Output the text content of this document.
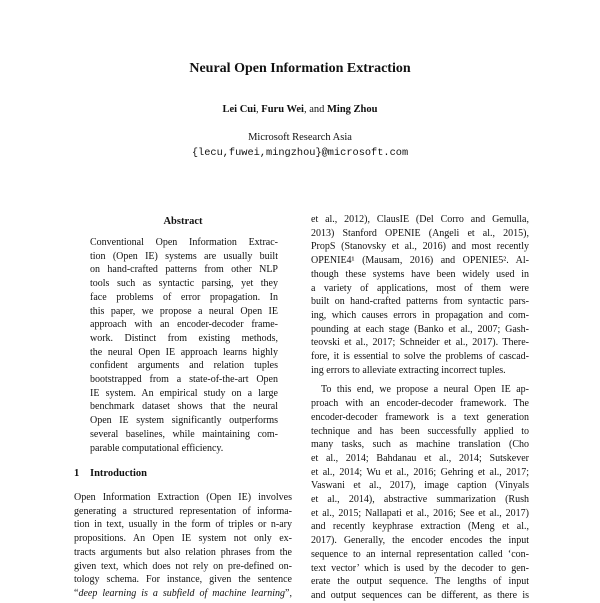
Neural Open Information Extraction
Lei Cui, Furu Wei, and Ming Zhou
Microsoft Research Asia
{lecu,fuwei,mingzhou}@microsoft.com
Abstract
Conventional Open Information Extrac-
tion (Open IE) systems are usually built
on hand-crafted patterns from other NLP
tools such as syntactic parsing, yet they
face problems of error propagation. In
this paper, we propose a neural Open IE
approach with an encoder-decoder frame-
work. Distinct from existing methods,
the neural Open IE approach learns highly
confident arguments and relation tuples
bootstrapped from a state-of-the-art Open
IE system. An empirical study on a large
benchmark dataset shows that the neural
Open IE system significantly outperforms
several baselines, while maintaining com-
parable computational efficiency.
1 Introduction
Open Information Extraction (Open IE) involves
generating a structured representation of informa-
tion in text, usually in the form of triples or n-ary
propositions. An Open IE system not only ex-
tracts arguments but also relation phrases from the
given text, which does not rely on pre-defined on-
tology schema. For instance, given the sentence
“deep learning is a subfield of machine learning”,
et al., 2012), ClausIE (Del Corro and Gemulla,
2013) Stanford OPENIE (Angeli et al., 2015),
PropS (Stanovsky et al., 2016) and most recently
OPENIE4¹ (Mausam, 2016) and OPENIE5². Al-
though these systems have been widely used in
a variety of applications, most of them were
built on hand-crafted patterns from syntactic pars-
ing, which causes errors in propagation and com-
pounding at each stage (Banko et al., 2007; Gash-
teovski et al., 2017; Schneider et al., 2017). There-
fore, it is essential to solve the problems of cascad-
ing errors to alleviate extracting incorrect tuples.
To this end, we propose a neural Open IE ap-
proach with an encoder-decoder framework. The
encoder-decoder framework is a text generation
technique and has been successfully applied to
many tasks, such as machine translation (Cho
et al., 2014; Bahdanau et al., 2014; Sutskever
et al., 2014; Wu et al., 2016; Gehring et al., 2017;
Vaswani et al., 2017), image caption (Vinyals
et al., 2014), abstractive summarization (Rush
et al., 2015; Nallapati et al., 2016; See et al., 2017)
and recently keyphrase extraction (Meng et al.,
2017). Generally, the encoder encodes the input
sequence to an internal representation called ‘con-
text vector’ which is used by the decoder to gen-
erate the output sequence. The lengths of input
and output sequences can be different, as there is
